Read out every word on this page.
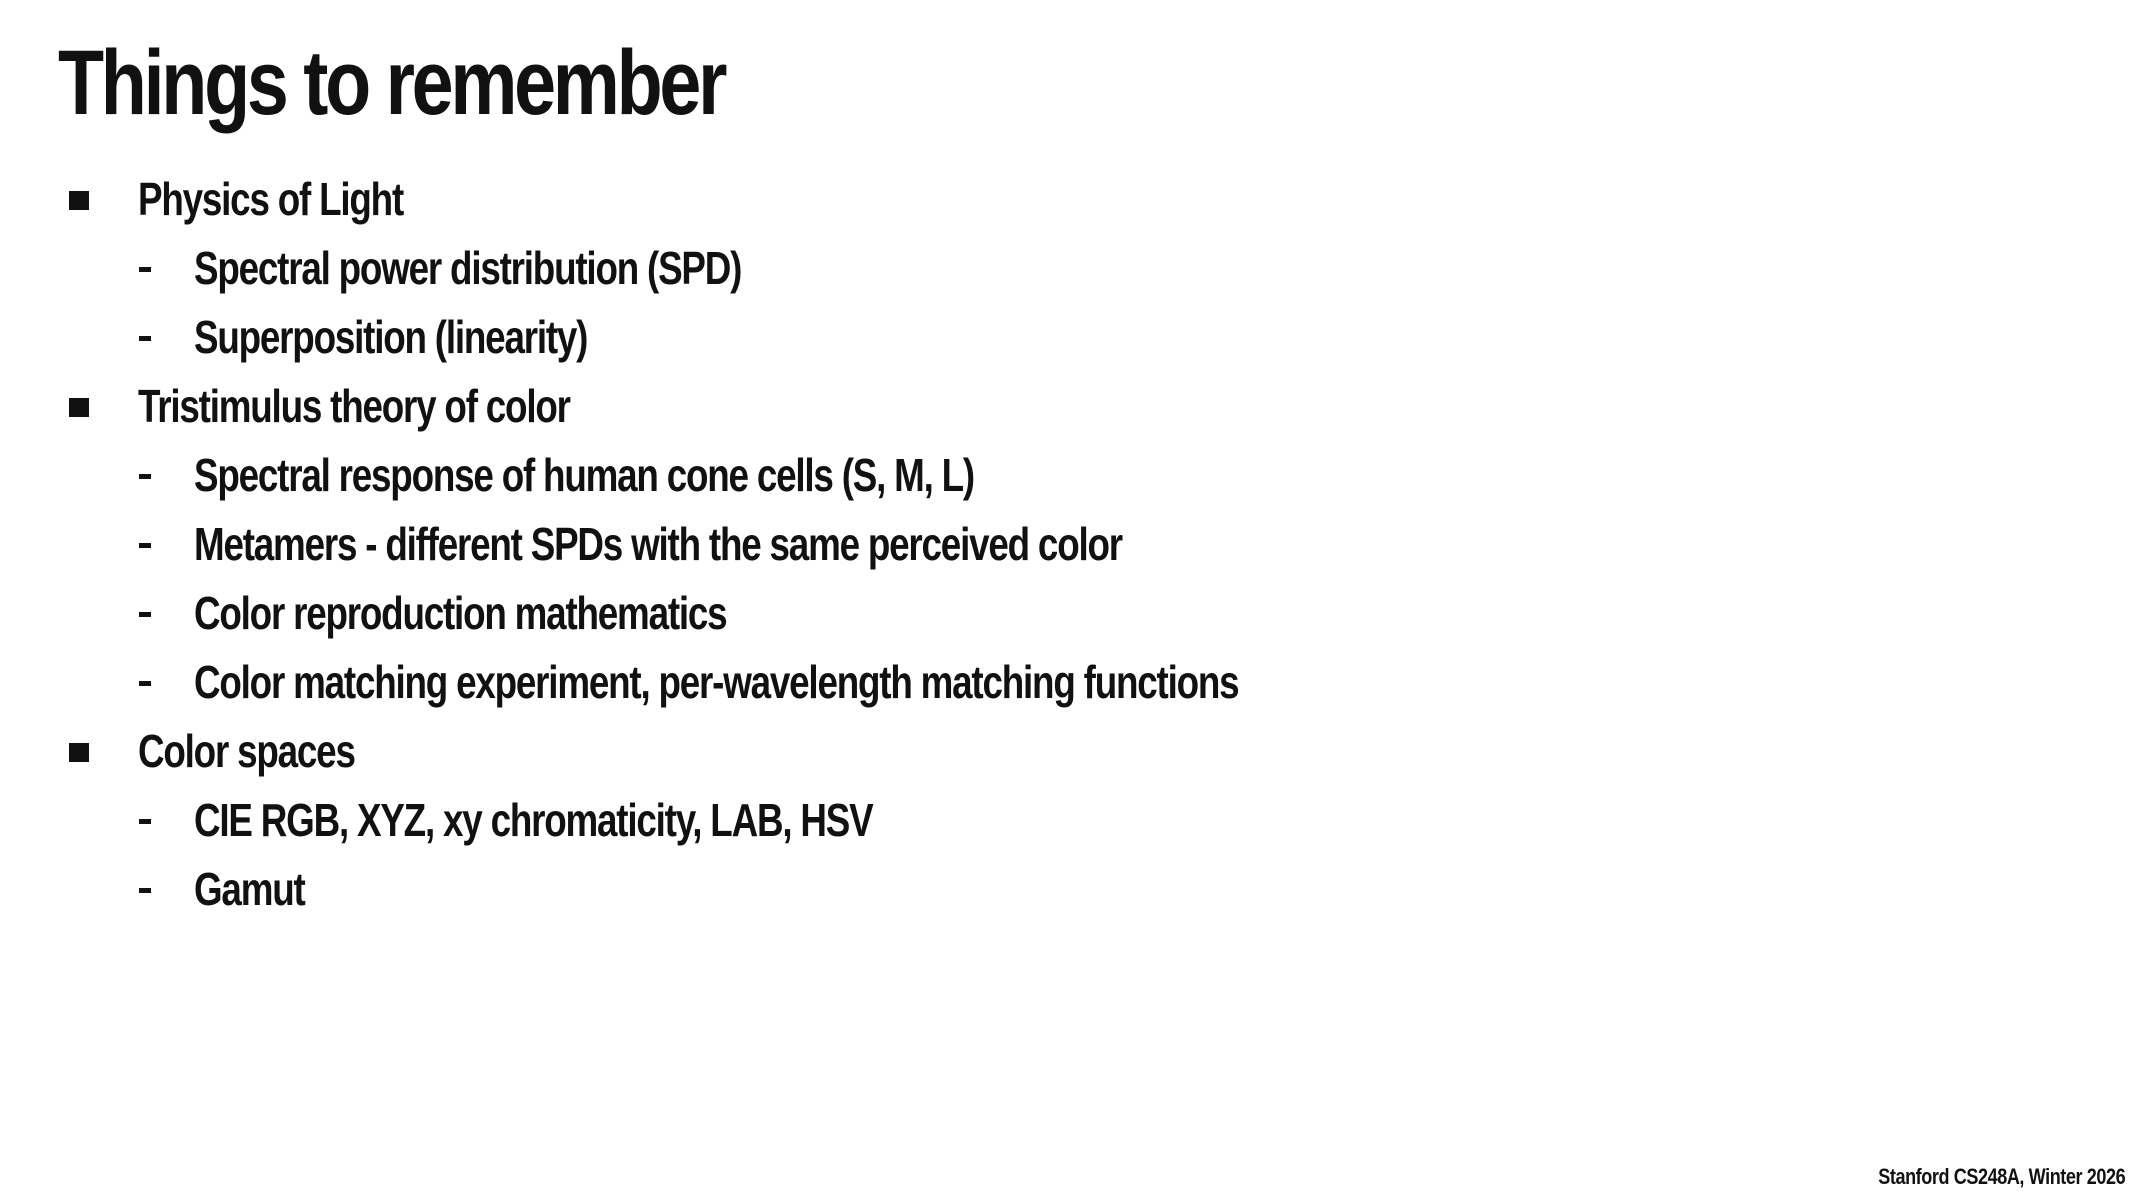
Things to remember
Physics of Light
Spectral power distribution (SPD)
Superposition (linearity)
Tristimulus theory of color
Spectral response of human cone cells (S, M, L)
Metamers - different SPDs with the same perceived color
Color reproduction mathematics
Color matching experiment, per-wavelength matching functions
Color spaces
CIE RGB, XYZ, xy chromaticity, LAB, HSV
Gamut
Stanford CS248A, Winter 2026
